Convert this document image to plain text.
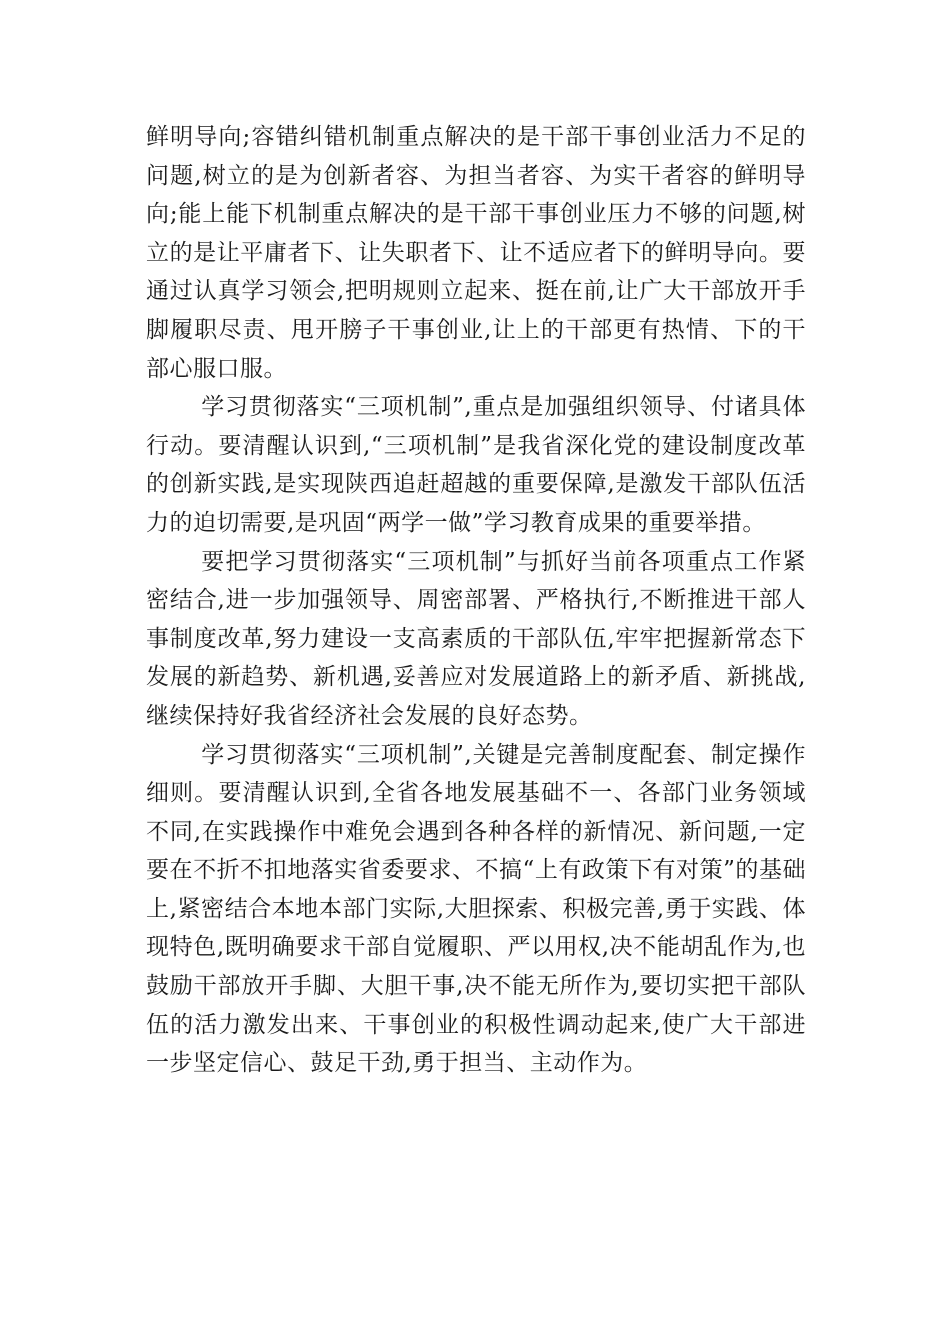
鲜明导向;容错纠错机制重点解决的是干部干事创业活力不足的问题,树立的是为创新者容、为担当者容、为实干者容的鲜明导向;能上能下机制重点解决的是干部干事创业压力不够的问题,树立的是让平庸者下、让失职者下、让不适应者下的鲜明导向。要通过认真学习领会,把明规则立起来、挺在前,让广大干部放开手脚履职尽责、甩开膀子干事创业,让上的干部更有热情、下的干部心服口服。

学习贯彻落实“三项机制”,重点是加强组织领导、付诸具体行动。要清醒认识到,“三项机制”是我省深化党的建设制度改革的创新实践,是实现陕西追赶超越的重要保障,是激发干部队伍活力的迫切需要,是巩固“两学一做”学习教育成果的重要举措。

要把学习贯彻落实“三项机制”与抓好当前各项重点工作紧密结合,进一步加强领导、周密部署、严格执行,不断推进干部人事制度改革,努力建设一支高素质的干部队伍,牢牢把握新常态下发展的新趋势、新机遇,妥善应对发展道路上的新矛盾、新挑战,继续保持好我省经济社会发展的良好态势。

学习贯彻落实“三项机制”,关键是完善制度配套、制定操作细则。要清醒认识到,全省各地发展基础不一、各部门业务领域不同,在实践操作中难免会遇到各种各样的新情况、新问题,一定要在不折不扣地落实省委要求、不搞“上有政策下有对策”的基础上,紧密结合本地本部门实际,大胆探索、积极完善,勇于实践、体现特色,既明确要求干部自觉履职、严以用权,决不能胡乱作为,也鼓励干部放开手脚、大胆干事,决不能无所作为,要切实把干部队伍的活力激发出来、干事创业的积极性调动起来,使广大干部进一步坚定信心、鼓足干劲,勇于担当、主动作为。
